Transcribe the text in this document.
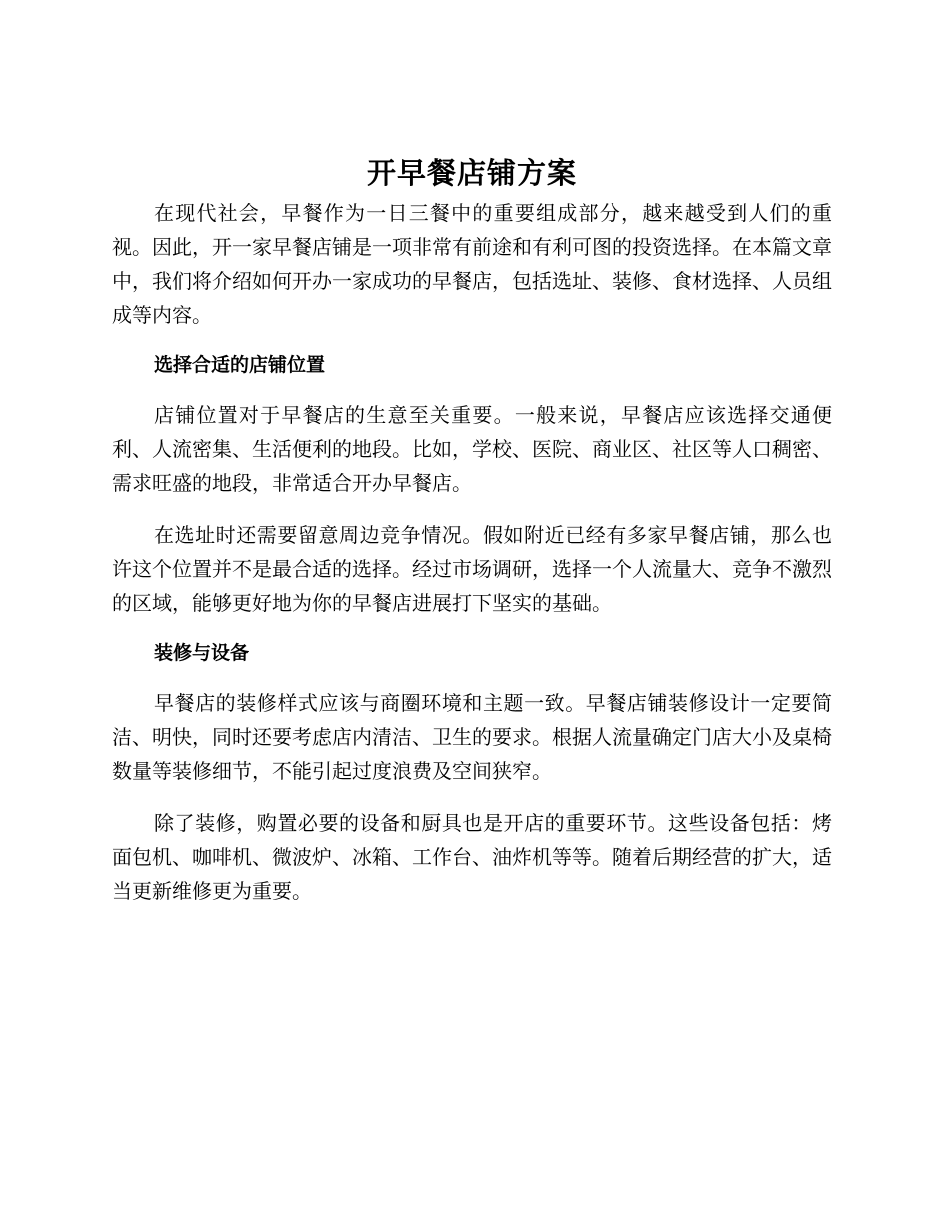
开早餐店铺方案

在现代社会，早餐作为一日三餐中的重要组成部分，越来越受到人们的重视。因此，开一家早餐店铺是一项非常有前途和有利可图的投资选择。在本篇文章中，我们将介绍如何开办一家成功的早餐店，包括选址、装修、食材选择、人员组成等内容。

选择合适的店铺位置

店铺位置对于早餐店的生意至关重要。一般来说，早餐店应该选择交通便利、人流密集、生活便利的地段。比如，学校、医院、商业区、社区等人口稠密、需求旺盛的地段，非常适合开办早餐店。

在选址时还需要留意周边竞争情况。假如附近已经有多家早餐店铺，那么也许这个位置并不是最合适的选择。经过市场调研，选择一个人流量大、竞争不激烈的区域，能够更好地为你的早餐店进展打下坚实的基础。

装修与设备

早餐店的装修样式应该与商圈环境和主题一致。早餐店铺装修设计一定要简洁、明快，同时还要考虑店内清洁、卫生的要求。根据人流量确定门店大小及桌椅数量等装修细节，不能引起过度浪费及空间狭窄。

除了装修，购置必要的设备和厨具也是开店的重要环节。这些设备包括：烤面包机、咖啡机、微波炉、冰箱、工作台、油炸机等等。随着后期经营的扩大，适当更新维修更为重要。
